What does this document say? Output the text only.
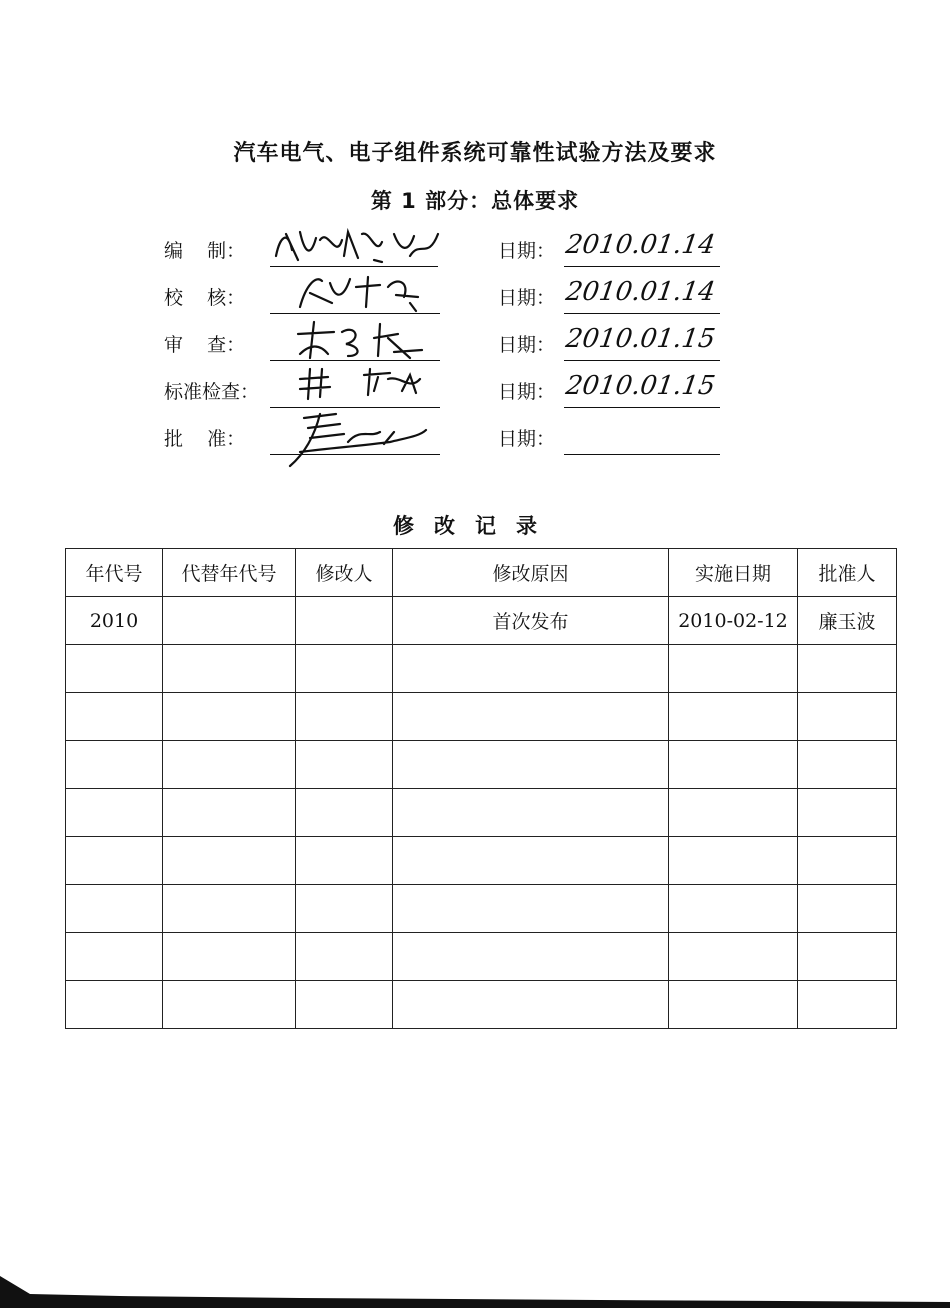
汽车电气、电子组件系统可靠性试验方法及要求
第 1 部分：总体要求
编    制：	日期： 2010.01.14
校    核：	日期： 2010.01.14
审    查：	日期： 2010.01.15
标准检查：	日期： 2010.01.15
批    准：	日期：
修改记录
年代号	代替年代号	修改人	修改原因	实施日期	批准人
2010			首次发布	2010-02-12	廉玉波
